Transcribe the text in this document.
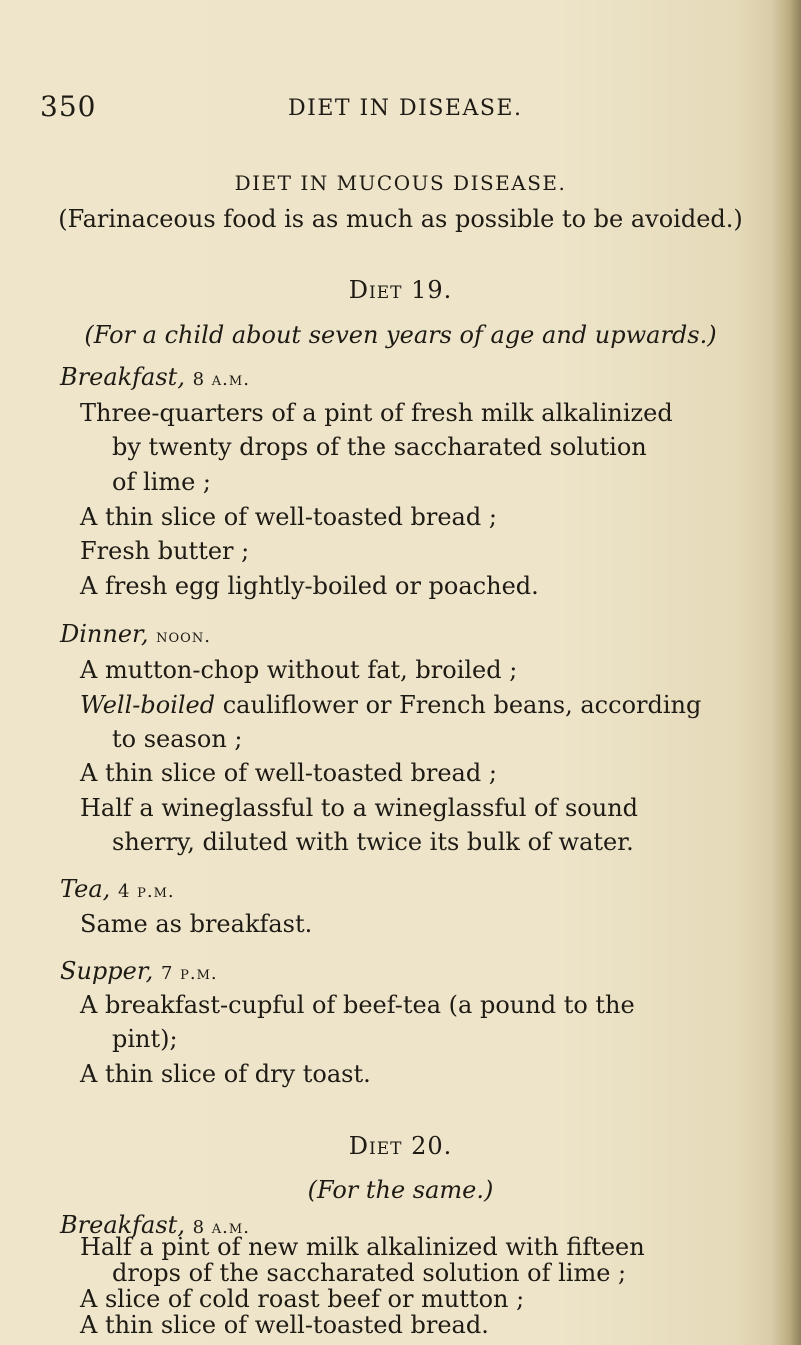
350	DIET IN DISEASE.
DIET IN MUCOUS DISEASE.
(Farinaceous food is as much as possible to be avoided.)
Diet 19.
(For a child about seven years of age and upwards.)
Breakfast, 8 a.m.
Three-quarters of a pint of fresh milk alkalinized
by twenty drops of the saccharated solution
of lime ;
A thin slice of well-toasted bread ;
Fresh butter ;
A fresh egg lightly-boiled or poached.
Dinner, noon.
A mutton-chop without fat, broiled ;
Well-boiled cauliflower or French beans, according
to season ;
A thin slice of well-toasted bread ;
Half a wineglassful to a wineglassful of sound
sherry, diluted with twice its bulk of water.
Tea, 4 p.m.
Same as breakfast.
Supper, 7 p.m.
A breakfast-cupful of beef-tea (a pound to the
pint);
A thin slice of dry toast.
Diet 20.
(For the same.)
Breakfast, 8 a.m.
Half a pint of new milk alkalinized with fifteen
drops of the saccharated solution of lime ;
A slice of cold roast beef or mutton ;
A thin slice of well-toasted bread.
